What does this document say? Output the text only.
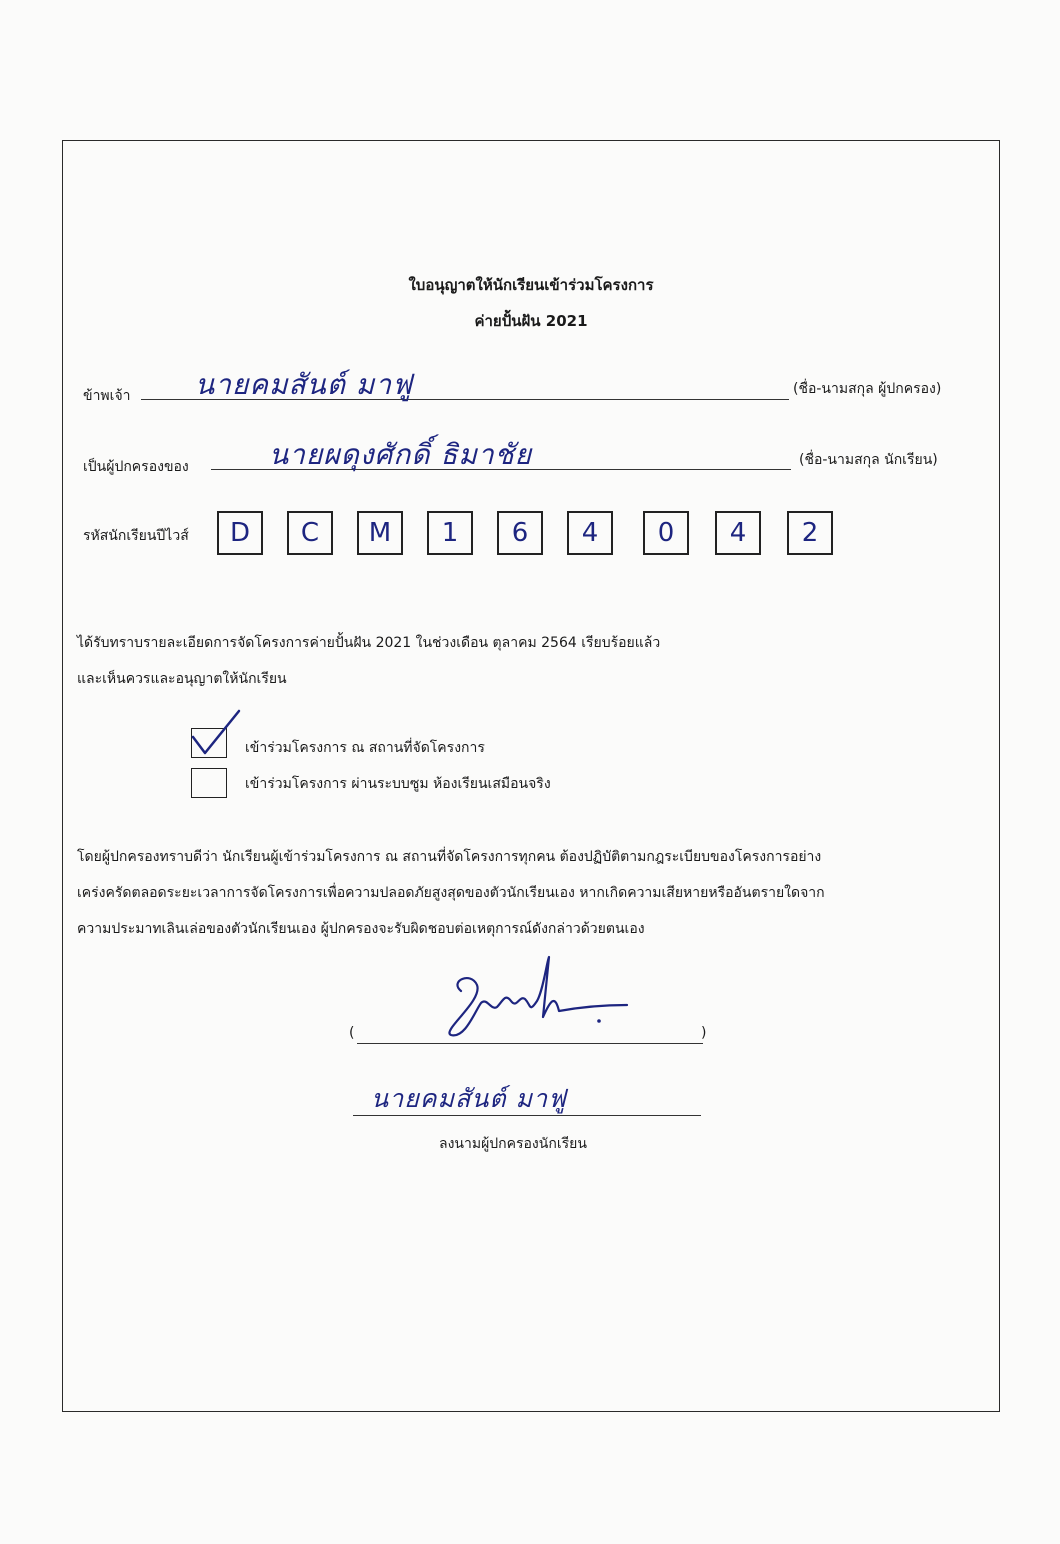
ใบอนุญาตให้นักเรียนเข้าร่วมโครงการ
ค่ายปั้นฝัน 2021
ข้าพเจ้า นายคมสันต์ มาฟู	(ชื่อ-นามสกุล ผู้ปกครอง)
เป็นผู้ปกครองของ	นายผดุงศักดิ์ ธิมาชัย	(ชื่อ-นามสกุล นักเรียน)
รหัสนักเรียนปีไวส์	D	C	M	1	6	4	0	4	2
ได้รับทราบรายละเอียดการจัดโครงการค่ายปั้นฝัน 2021 ในช่วงเดือน ตุลาคม 2564 เรียบร้อยแล้ว
และเห็นควรและอนุญาตให้นักเรียน
เข้าร่วมโครงการ ณ สถานที่จัดโครงการ
เข้าร่วมโครงการ ผ่านระบบซูม ห้องเรียนเสมือนจริง
โดยผู้ปกครองทราบดีว่า นักเรียนผู้เข้าร่วมโครงการ ณ สถานที่จัดโครงการทุกคน ต้องปฏิบัติตามกฎระเบียบของโครงการอย่าง
เคร่งครัดตลอดระยะเวลาการจัดโครงการเพื่อความปลอดภัยสูงสุดของตัวนักเรียนเอง หากเกิดความเสียหายหรืออันตรายใดจาก
ความประมาทเลินเล่อของตัวนักเรียนเอง ผู้ปกครองจะรับผิดชอบต่อเหตุการณ์ดังกล่าวด้วยตนเอง
(	)
นายคมสันต์ มาฟู
ลงนามผู้ปกครองนักเรียน
